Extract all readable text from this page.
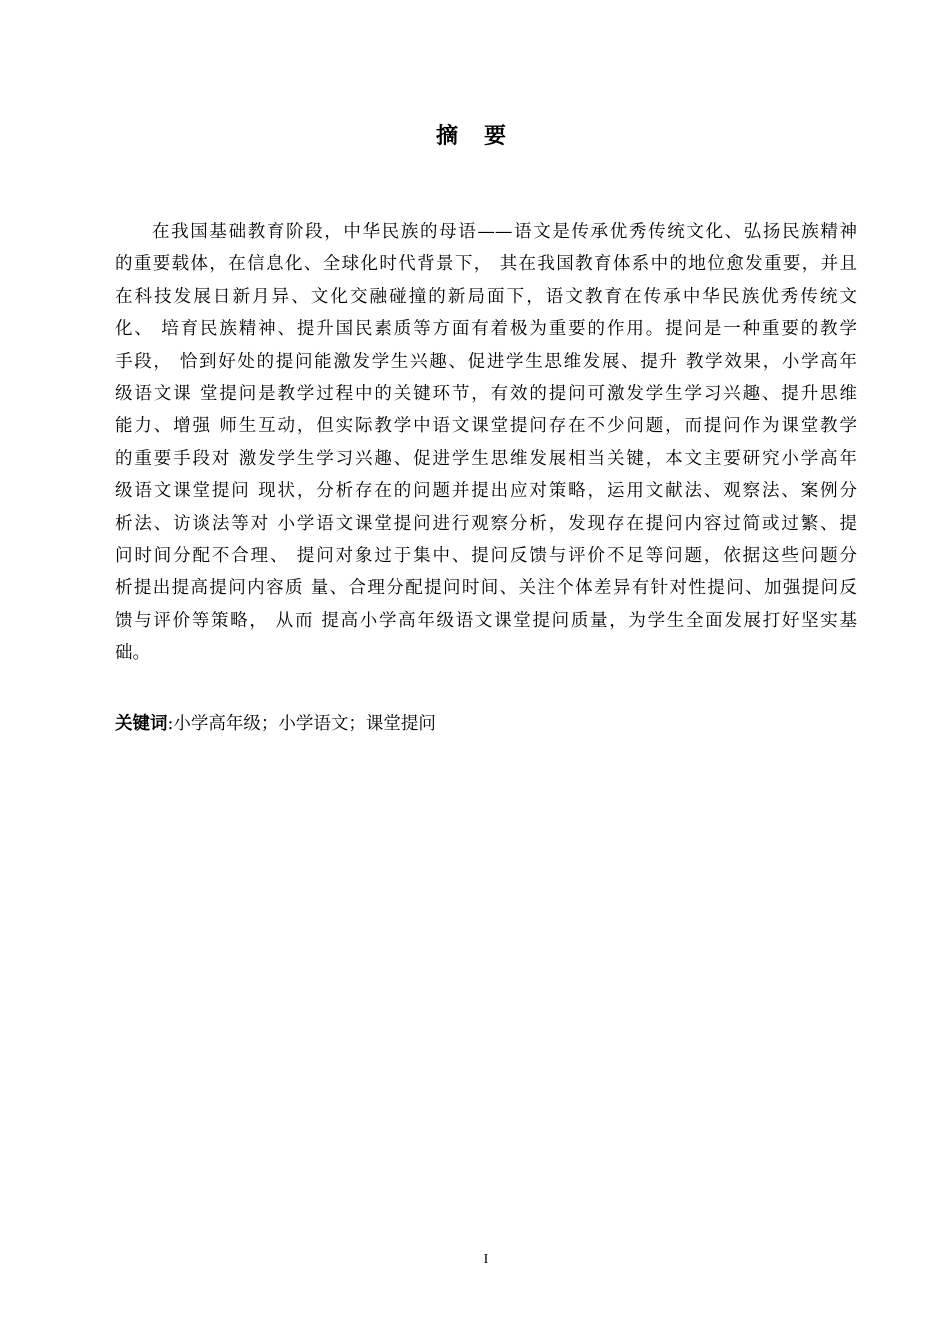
摘要
在我国基础教育阶段，中华民族的母语——语文是传承优秀传统文化、弘扬民族精神
的重要载体，在信息化、全球化时代背景下， 其在我国教育体系中的地位愈发重要，并且
在科技发展日新月异、文化交融碰撞的新局面下，语文教育在传承中华民族优秀传统文
化、 培育民族精神、提升国民素质等方面有着极为重要的作用。提问是一种重要的教学
手段， 恰到好处的提问能激发学生兴趣、促进学生思维发展、提升 教学效果，小学高年
级语文课 堂提问是教学过程中的关键环节，有效的提问可激发学生学习兴趣、提升思维
能力、增强 师生互动，但实际教学中语文课堂提问存在不少问题，而提问作为课堂教学
的重要手段对 激发学生学习兴趣、促进学生思维发展相当关键，本文主要研究小学高年
级语文课堂提问 现状，分析存在的问题并提出应对策略，运用文献法、观察法、案例分
析法、访谈法等对 小学语文课堂提问进行观察分析，发现存在提问内容过简或过繁、提
问时间分配不合理、 提问对象过于集中、提问反馈与评价不足等问题，依据这些问题分
析提出提高提问内容质 量、合理分配提问时间、关注个体差异有针对性提问、加强提问反
馈与评价等策略， 从而 提高小学高年级语文课堂提问质量，为学生全面发展打好坚实基
础。
关键词:小学高年级；小学语文；课堂提问
I
